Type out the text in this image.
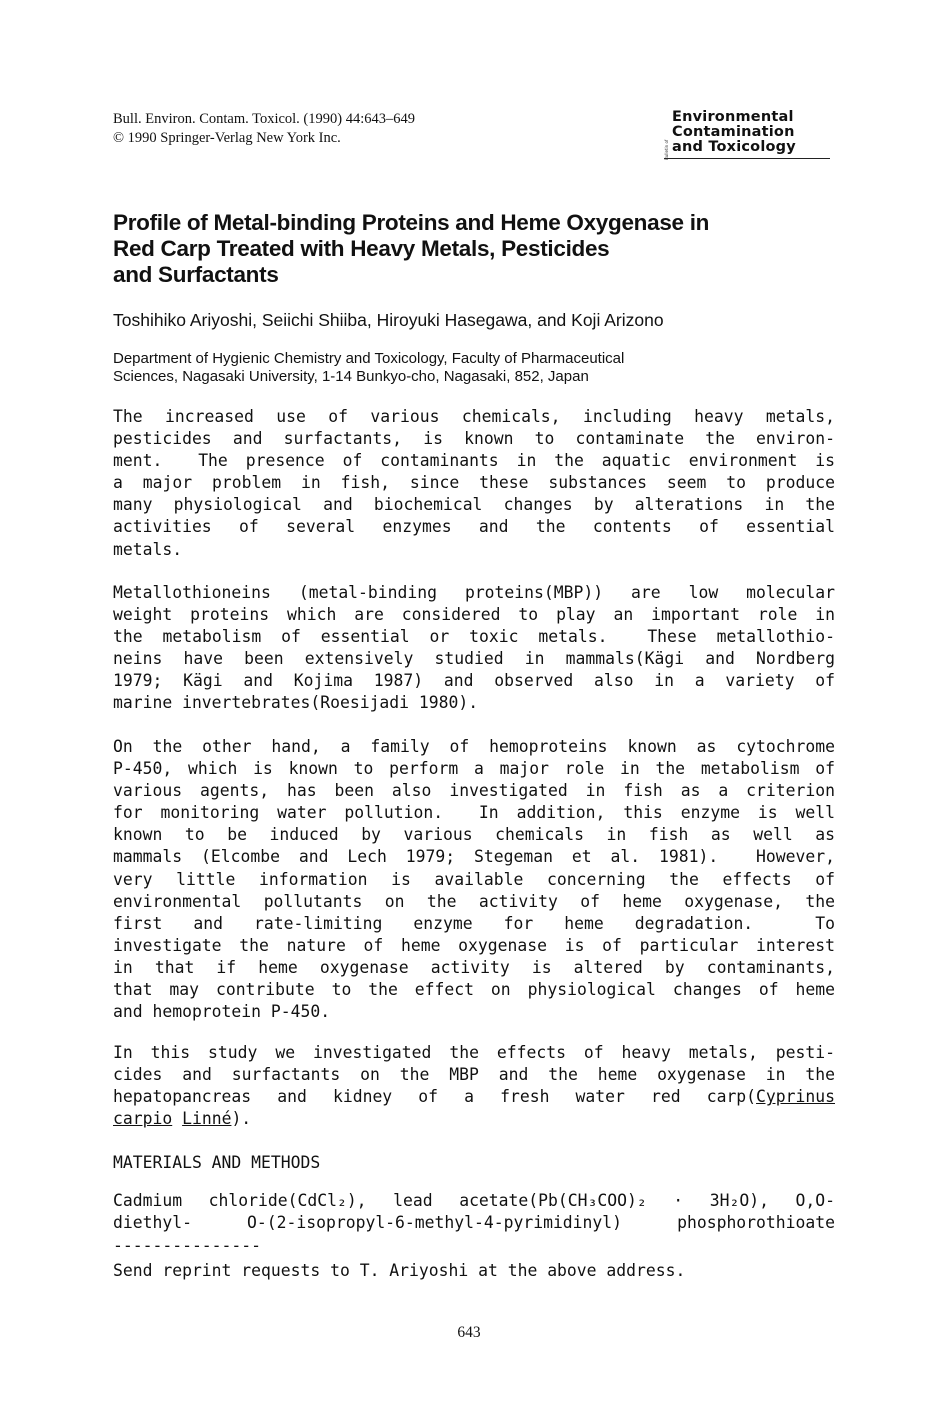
Bull. Environ. Contam. Toxicol. (1990) 44:643–649
© 1990 Springer-Verlag New York Inc.
Bulletin of
Environmental
Contamination
and Toxicology
Profile of Metal-binding Proteins and Heme Oxygenase in
Red Carp Treated with Heavy Metals, Pesticides
and Surfactants
Toshihiko Ariyoshi, Seiichi Shiiba, Hiroyuki Hasegawa, and Koji Arizono
Department of Hygienic Chemistry and Toxicology, Faculty of Pharmaceutical
Sciences, Nagasaki University, 1-14 Bunkyo-cho, Nagasaki, 852, Japan
The increased use of various chemicals, including heavy metals,
pesticides and surfactants, is known to contaminate the environ-
ment.  The presence of contaminants in the aquatic environment is
a major problem in fish, since these substances seem to produce
many physiological and biochemical changes by alterations in the
activities of several enzymes and the contents of essential
metals.
Metallothioneins (metal-binding proteins(MBP)) are low molecular
weight proteins which are considered to play an important role in
the metabolism of essential or toxic metals.  These metallothio-
neins have been extensively studied in mammals(Kägi and Nordberg
1979; Kägi and Kojima 1987) and observed also in a variety of
marine invertebrates(Roesijadi 1980).
On the other hand, a family of hemoproteins known as cytochrome
P-450, which is known to perform a major role in the metabolism of
various agents, has been also investigated in fish as a criterion
for monitoring water pollution.  In addition, this enzyme is well
known to be induced by various chemicals in fish as well as
mammals (Elcombe and Lech 1979; Stegeman et al. 1981).  However,
very little information is available concerning the effects of
environmental pollutants on the activity of heme oxygenase, the
first and rate-limiting enzyme for heme degradation.  To
investigate the nature of heme oxygenase is of particular interest
in that if heme oxygenase activity is altered by contaminants,
that may contribute to the effect on physiological changes of heme
and hemoprotein P-450.
In this study we investigated the effects of heavy metals, pesti-
cides and surfactants on the MBP and the heme oxygenase in the
hepatopancreas and kidney of a fresh water red carp(Cyprinus
carpio Linné).
MATERIALS AND METHODS
Cadmium chloride(CdCl₂), lead acetate(Pb(CH₃COO)₂ · 3H₂O), O,O-
diethyl- O-(2-isopropyl-6-methyl-4-pyrimidinyl) phosphorothioate
---------------
Send reprint requests to T. Ariyoshi at the above address.
643
